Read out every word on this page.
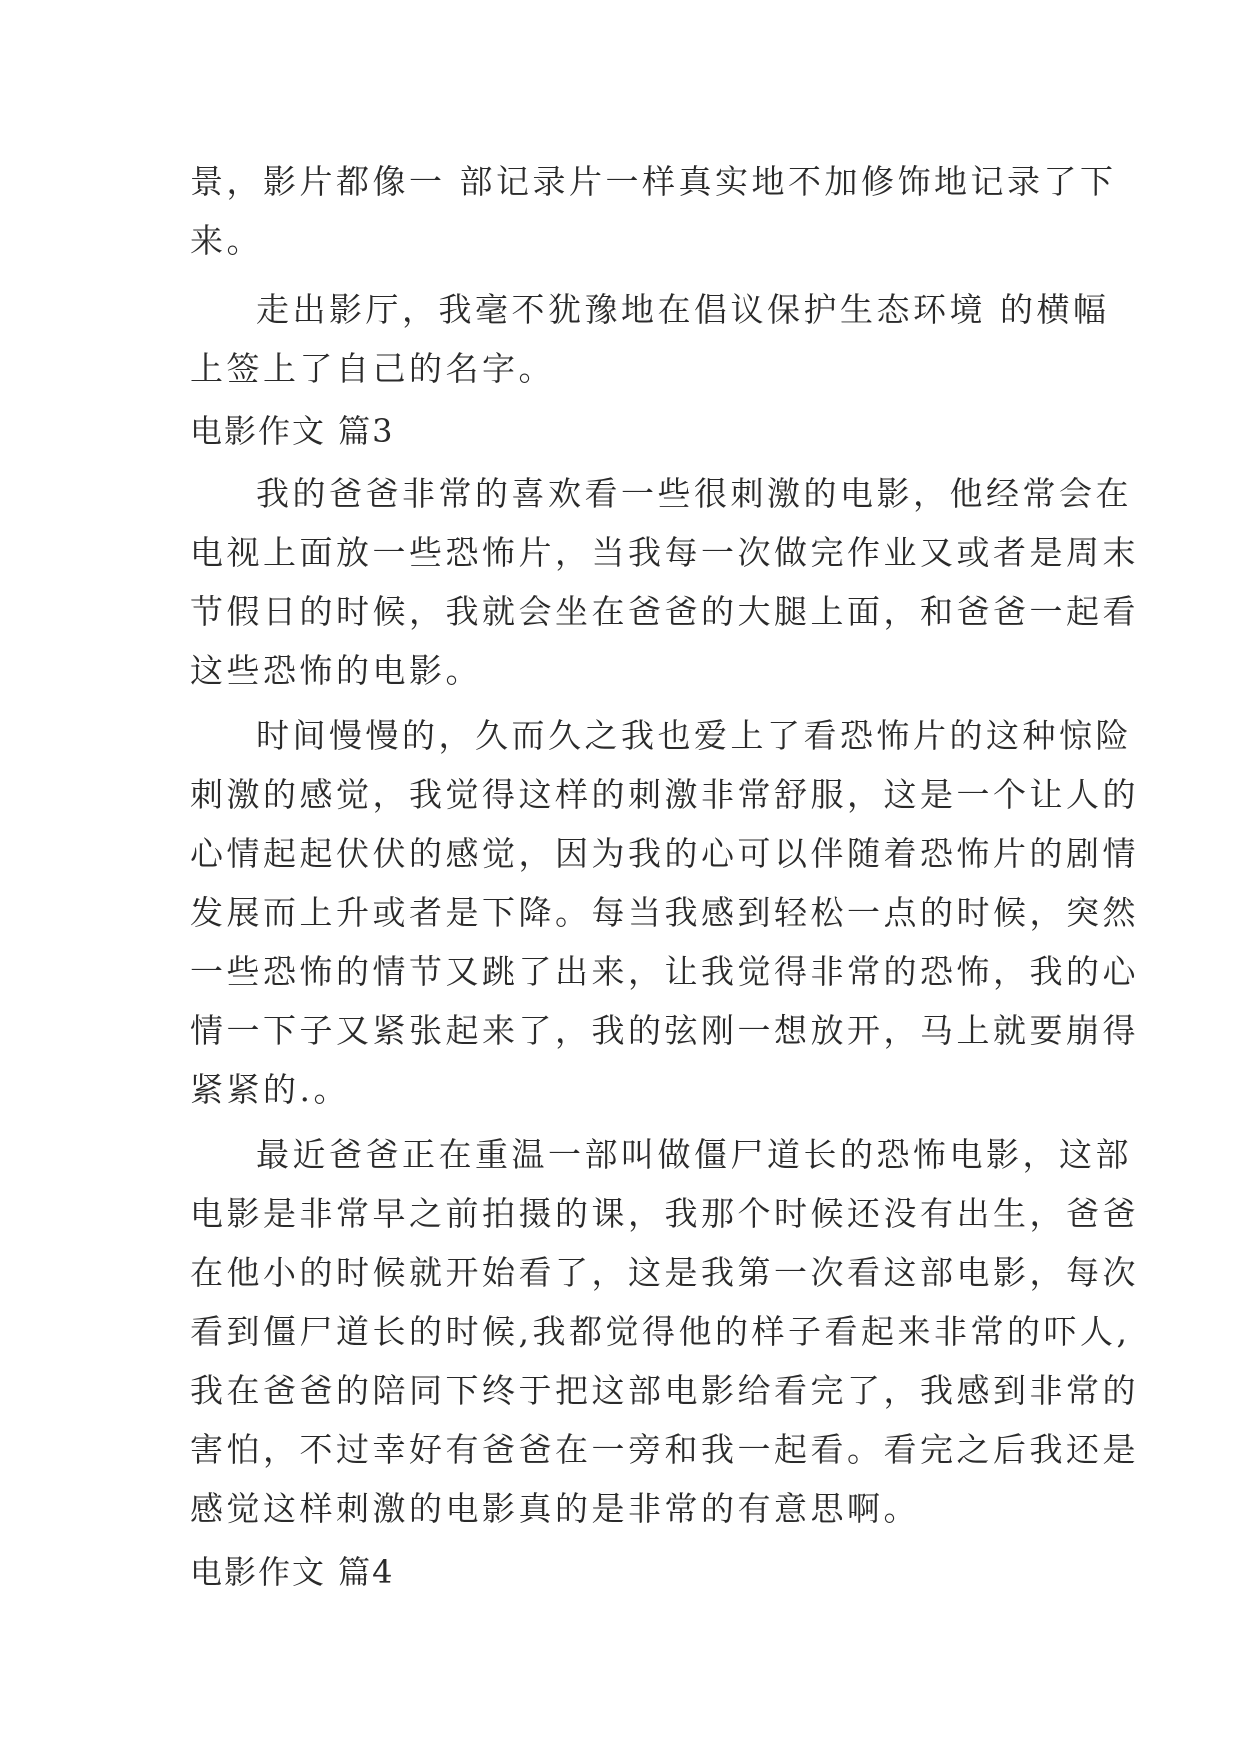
景，影片都像一 部记录片一样真实地不加修饰地记录了下
来。
走出影厅，我毫不犹豫地在倡议保护生态环境 的横幅
上签上了自己的名字。
电影作文 篇3
我的爸爸非常的喜欢看一些很刺激的电影，他经常会在
电视上面放一些恐怖片，当我每一次做完作业又或者是周末
节假日的时候，我就会坐在爸爸的大腿上面，和爸爸一起看
这些恐怖的电影。
时间慢慢的，久而久之我也爱上了看恐怖片的这种惊险
刺激的感觉，我觉得这样的刺激非常舒服，这是一个让人的
心情起起伏伏的感觉，因为我的心可以伴随着恐怖片的剧情
发展而上升或者是下降。每当我感到轻松一点的时候，突然
一些恐怖的情节又跳了出来，让我觉得非常的恐怖，我的心
情一下子又紧张起来了，我的弦刚一想放开，马上就要崩得
紧紧的.。
最近爸爸正在重温一部叫做僵尸道长的恐怖电影，这部
电影是非常早之前拍摄的课，我那个时候还没有出生，爸爸
在他小的时候就开始看了，这是我第一次看这部电影，每次
看到僵尸道长的时候,我都觉得他的样子看起来非常的吓人,
我在爸爸的陪同下终于把这部电影给看完了，我感到非常的
害怕，不过幸好有爸爸在一旁和我一起看。看完之后我还是
感觉这样刺激的电影真的是非常的有意思啊。
电影作文 篇4
